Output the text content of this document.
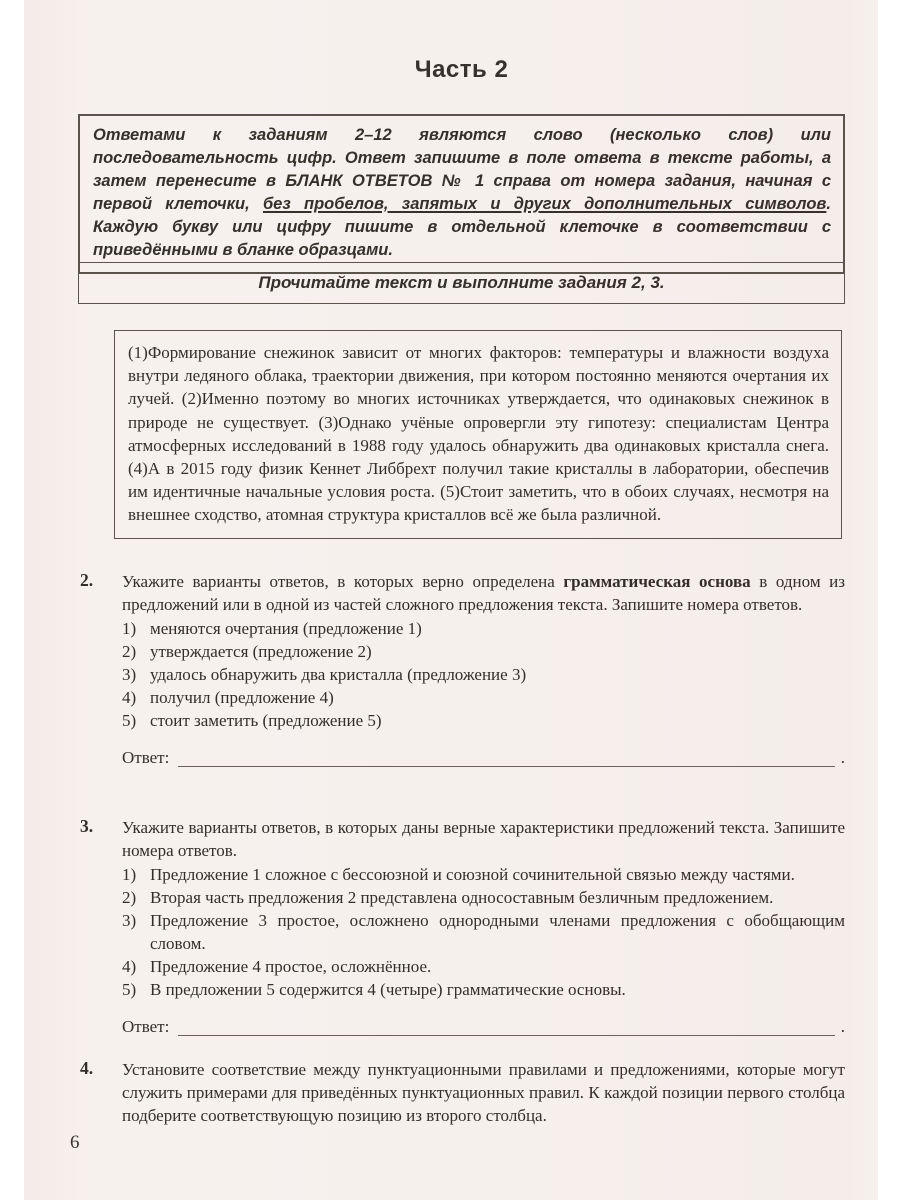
Часть 2
Ответами к заданиям 2–12 являются слово (несколько слов) или последовательность цифр. Ответ запишите в поле ответа в тексте работы, а затем перенесите в БЛАНК ОТВЕТОВ № 1 справа от номера задания, начиная с первой клеточки, без пробелов, запятых и других дополнительных символов. Каждую букву или цифру пишите в отдельной клеточке в соответствии с приведёнными в бланке образцами.
Прочитайте текст и выполните задания 2, 3.
(1)Формирование снежинок зависит от многих факторов: температуры и влажности воздуха внутри ледяного облака, траектории движения, при котором постоянно меняются очертания их лучей. (2)Именно поэтому во многих источниках утверждается, что одинаковых снежинок в природе не существует. (3)Однако учёные опровергли эту гипотезу: специалистам Центра атмосферных исследований в 1988 году удалось обнаружить два одинаковых кристалла снега. (4)А в 2015 году физик Кеннет Либбрехт получил такие кристаллы в лаборатории, обеспечив им идентичные начальные условия роста. (5)Стоит заметить, что в обоих случаях, несмотря на внешнее сходство, атомная структура кристаллов всё же была различной.
2. Укажите варианты ответов, в которых верно определена грамматическая основа в одном из предложений или в одной из частей сложного предложения текста. Запишите номера ответов.
1) меняются очертания (предложение 1)
2) утверждается (предложение 2)
3) удалось обнаружить два кристалла (предложение 3)
4) получил (предложение 4)
5) стоит заметить (предложение 5)
Ответ:	.
3. Укажите варианты ответов, в которых даны верные характеристики предложений текста. Запишите номера ответов.
1) Предложение 1 сложное с бессоюзной и союзной сочинительной связью между частями.
2) Вторая часть предложения 2 представлена односоставным безличным предложением.
3) Предложение 3 простое, осложнено однородными членами предложения с обобщающим словом.
4) Предложение 4 простое, осложнённое.
5) В предложении 5 содержится 4 (четыре) грамматические основы.
Ответ:	.
4. Установите соответствие между пунктуационными правилами и предложениями, которые могут служить примерами для приведённых пунктуационных правил. К каждой позиции первого столбца подберите соответствующую позицию из второго столбца.
6
